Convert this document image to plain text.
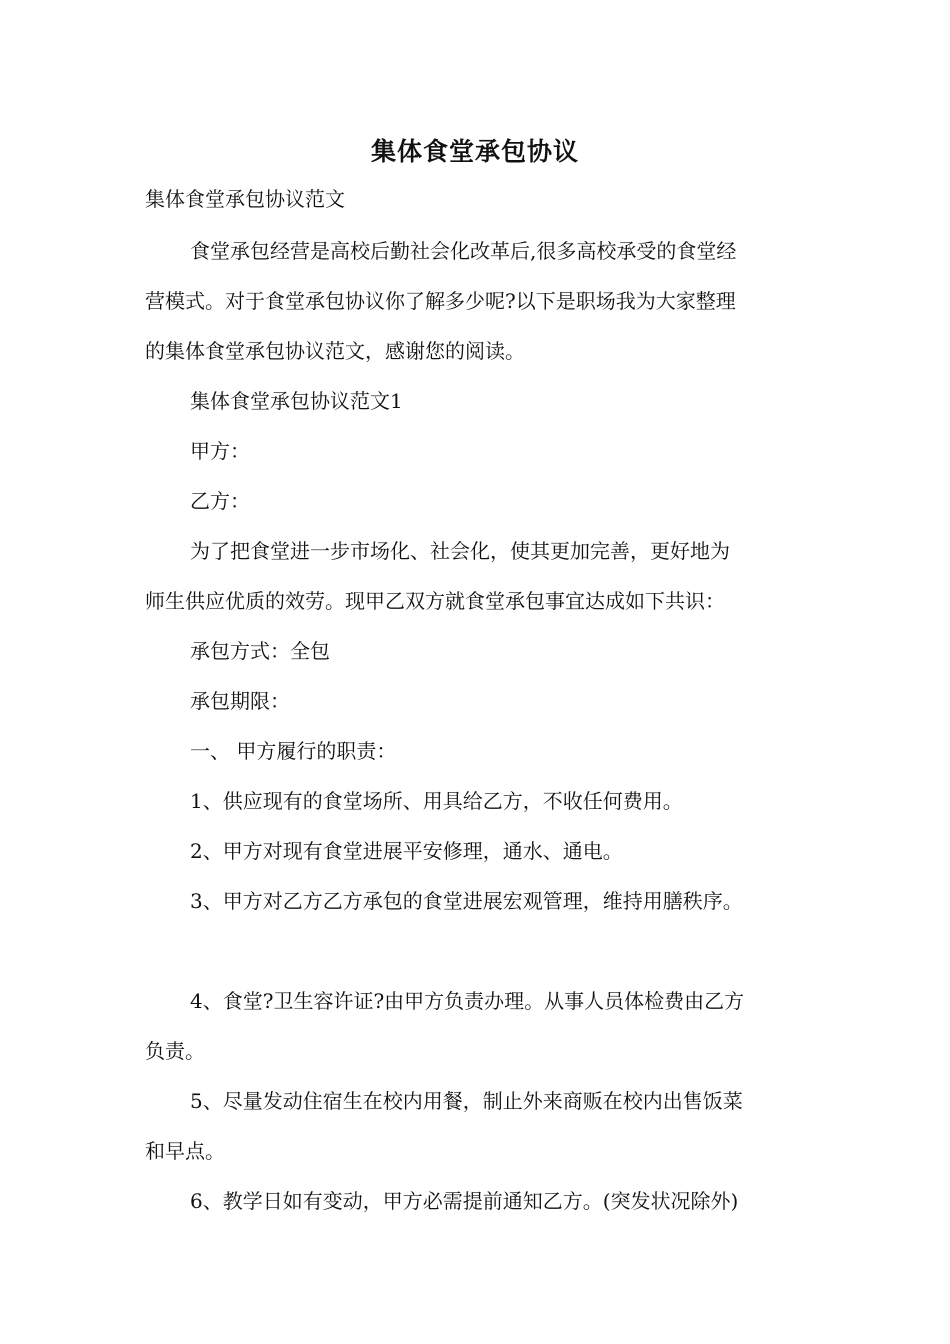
集体食堂承包协议
集体食堂承包协议范文
食堂承包经营是高校后勤社会化改革后,很多高校承受的食堂经
营模式。对于食堂承包协议你了解多少呢?以下是职场我为大家整理
的集体食堂承包协议范文，感谢您的阅读。
集体食堂承包协议范文1
甲方：
乙方：
为了把食堂进一步市场化、社会化，使其更加完善，更好地为
师生供应优质的效劳。现甲乙双方就食堂承包事宜达成如下共识：
承包方式：全包
承包期限：
一、 甲方履行的职责：
1、供应现有的食堂场所、用具给乙方，不收任何费用。
2、甲方对现有食堂进展平安修理，通水、通电。
3、甲方对乙方乙方承包的食堂进展宏观管理，维持用膳秩序。
4、食堂?卫生容许证?由甲方负责办理。从事人员体检费由乙方
负责。
5、尽量发动住宿生在校内用餐，制止外来商贩在校内出售饭菜
和早点。
6、教学日如有变动，甲方必需提前通知乙方。(突发状况除外)
